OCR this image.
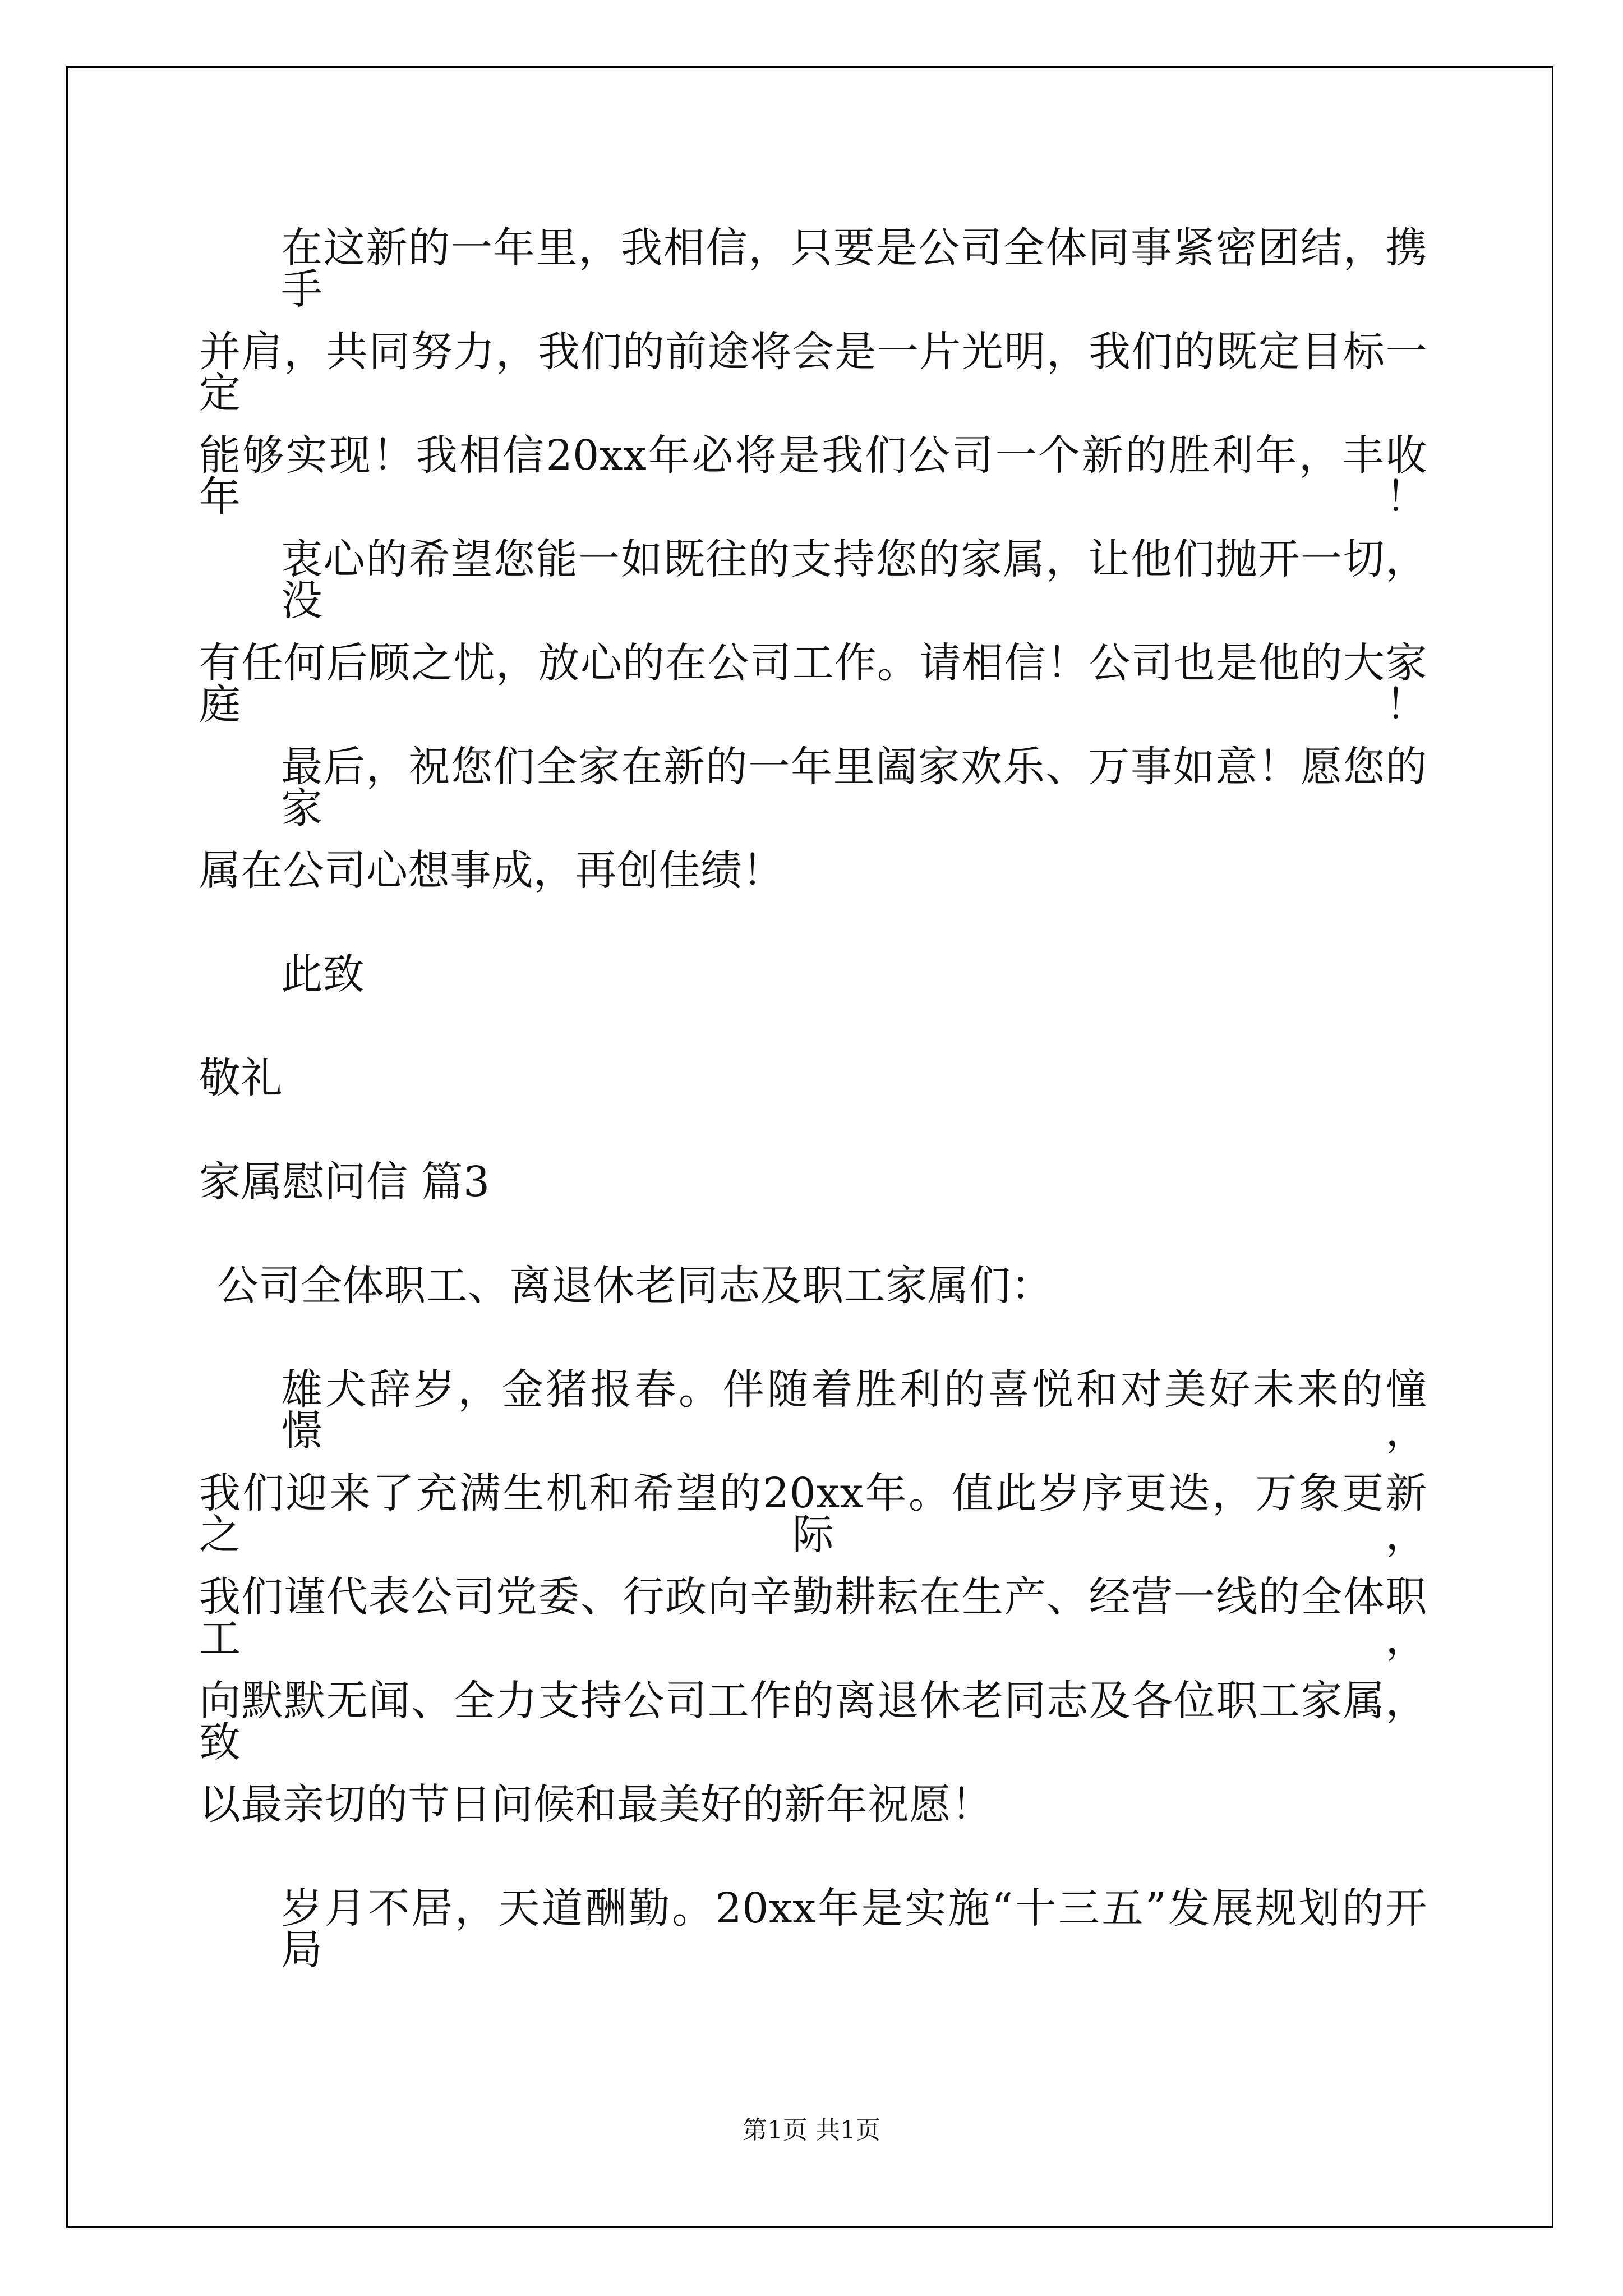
在这新的一年里，我相信，只要是公司全体同事紧密团结，携手
并肩，共同努力，我们的前途将会是一片光明，我们的既定目标一定
能够实现！我相信20xx年必将是我们公司一个新的胜利年，丰收年！
衷心的希望您能一如既往的支持您的家属，让他们抛开一切，没
有任何后顾之忧，放心的在公司工作。请相信！公司也是他的大家庭！
最后，祝您们全家在新的一年里阖家欢乐、万事如意！愿您的家
属在公司心想事成，再创佳绩！
此致
敬礼
家属慰问信 篇3
公司全体职工、离退休老同志及职工家属们：
雄犬辞岁，金猪报春。伴随着胜利的喜悦和对美好未来的憧憬，
我们迎来了充满生机和希望的20xx年。值此岁序更迭，万象更新之际，
我们谨代表公司党委、行政向辛勤耕耘在生产、经营一线的全体职工，
向默默无闻、全力支持公司工作的离退休老同志及各位职工家属，致
以最亲切的节日问候和最美好的新年祝愿！
岁月不居，天道酬勤。20xx年是实施“十三五”发展规划的开局
第1页 共1页
